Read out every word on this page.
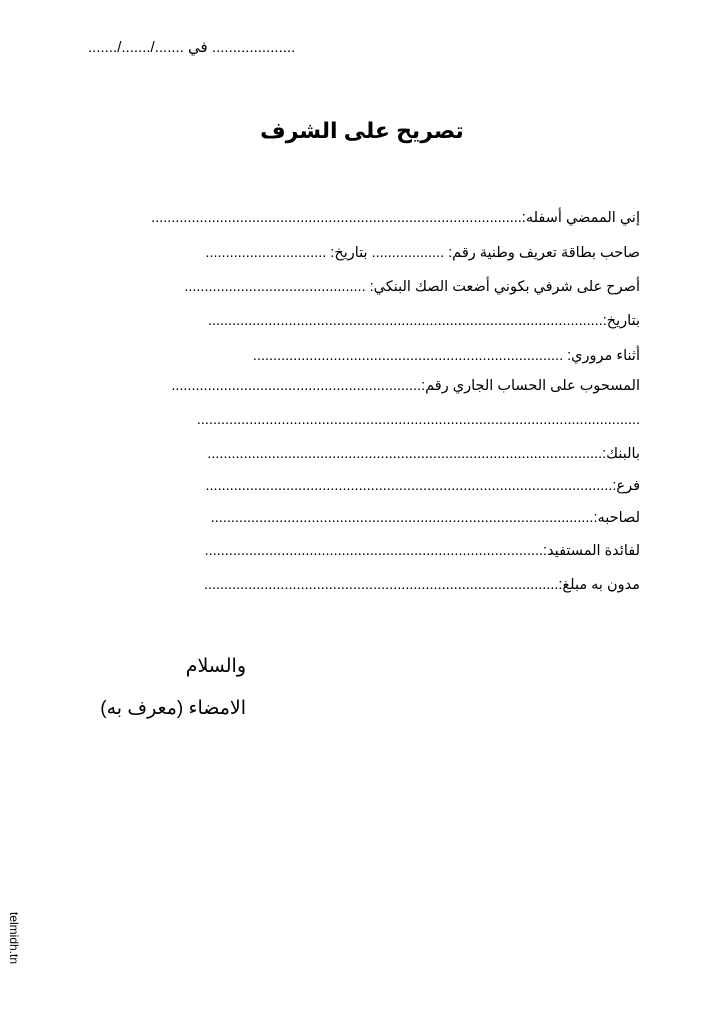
.......‪/.......‪/....... في ....................
تصريح على الشرف
إني الممضي أسفله:............................................................................................
صاحب بطاقة تعريف وطنية رقم: .................. بتاريخ: ..............................
أصرح على شرفي بكوني أضعت الصك البنكي: .............................................
بتاريخ:..................................................................................................
أثناء مروري: .............................................................................
المسحوب على الحساب الجاري رقم:..............................................................
..............................................................................................................
بالبنك:..................................................................................................
فرع:.....................................................................................................
لصاحبه:...............................................................................................
لفائدة المستفيد:....................................................................................
مدون به مبلغ:........................................................................................
والسلام
الامضاء (معرف به)
telmidh.tn
